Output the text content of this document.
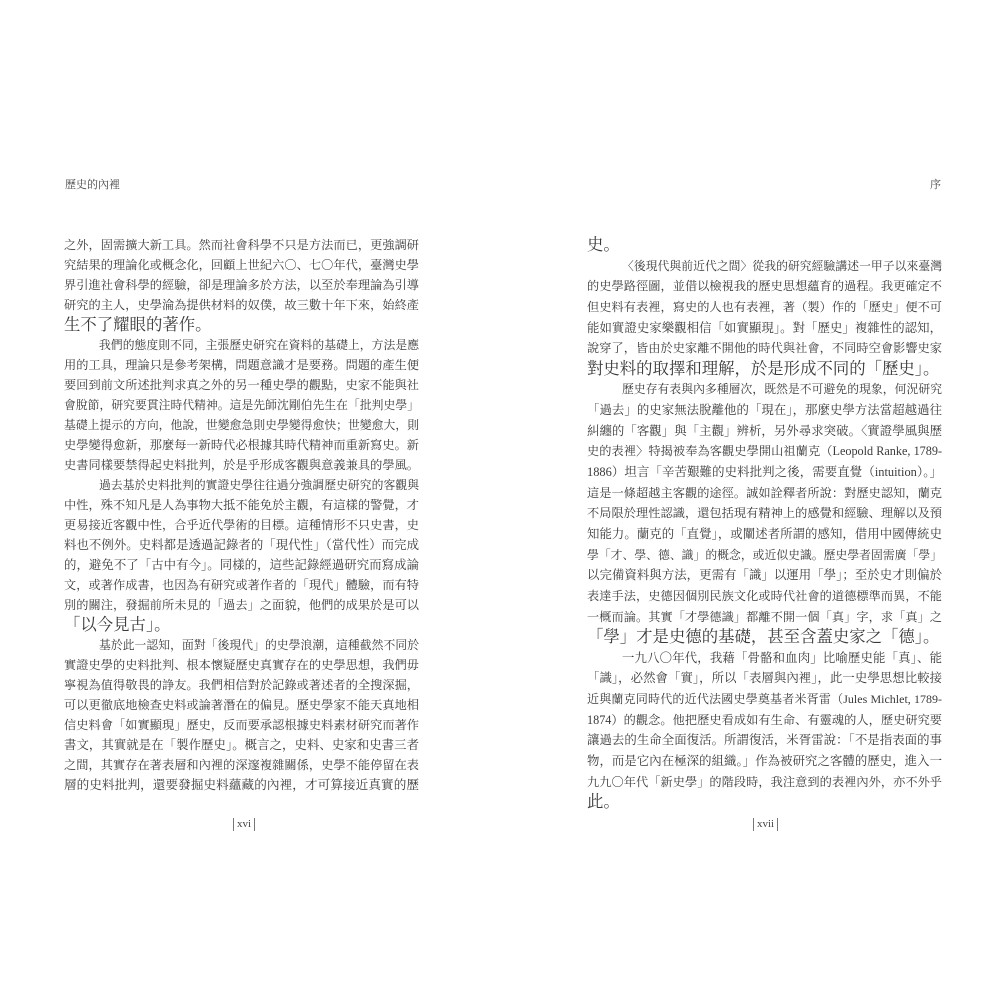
歷史的內裡	序
之外，固需擴大新工具。然而社會科學不只是方法而已，更強調研
究結果的理論化或概念化，回顧上世紀六〇、七〇年代，臺灣史學
界引進社會科學的經驗，卻是理論多於方法，以至於奉理論為引導
研究的主人，史學淪為提供材料的奴僕，故三數十年下來，始終產
生不了耀眼的著作。
我們的態度則不同，主張歷史研究在資料的基礎上，方法是應
用的工具，理論只是參考架構，問題意識才是要務。問題的產生便
要回到前文所述批判求真之外的另一種史學的觀點，史家不能與社
會脫節，研究要貫注時代精神。這是先師沈剛伯先生在「批判史學」
基礎上提示的方向，他說，世變愈急則史學變得愈快；世變愈大，則
史學變得愈新，那麼每一新時代必根據其時代精神而重新寫史。新
史書同樣要禁得起史料批判，於是乎形成客觀與意義兼具的學風。
過去基於史料批判的實證史學往往過分強調歷史研究的客觀與
中性，殊不知凡是人為事物大抵不能免於主觀，有這樣的警覺，才
更易接近客觀中性，合乎近代學術的目標。這種情形不只史書，史
料也不例外。史料都是透過記錄者的「現代性」（當代性）而完成
的，避免不了「古中有今」。同樣的，這些記錄經過研究而寫成論
文，或著作成書，也因為有研究或著作者的「現代」體驗，而有特
別的關注，發掘前所未見的「過去」之面貌，他們的成果於是可以
「以今見古」。
基於此一認知，面對「後現代」的史學浪潮，這種截然不同於
實證史學的史料批判、根本懷疑歷史真實存在的史學思想，我們毋
寧視為值得敬畏的諍友。我們相信對於記錄或著述者的全搜深掘，
可以更徹底地檢查史料或論著潛在的偏見。歷史學家不能天真地相
信史料會「如實顯現」歷史，反而要承認根據史料素材研究而著作
書文，其實就是在「製作歷史」。概言之，史料、史家和史書三者
之間，其實存在著表層和內裡的深邃複雜關係，史學不能停留在表
層的史料批判，還要發掘史料蘊藏的內裡，才可算接近真實的歷
史。
〈後現代與前近代之間〉從我的研究經驗講述一甲子以來臺灣
的史學路徑圖，並借以檢視我的歷史思想蘊育的過程。我更確定不
但史料有表裡，寫史的人也有表裡，著（製）作的「歷史」便不可
能如實證史家樂觀相信「如實顯現」。對「歷史」複雜性的認知，
說穿了，皆由於史家離不開他的時代與社會，不同時空會影響史家
對史料的取擇和理解，於是形成不同的「歷史」。
歷史存有表與內多種層次，既然是不可避免的現象，何況研究
「過去」的史家無法脫離他的「現在」，那麼史學方法當超越過往
糾纏的「客觀」與「主觀」辨析，另外尋求突破。〈實證學風與歷
史的表裡〉特揭被奉為客觀史學開山祖蘭克（Leopold Ranke, 1789-
1886）坦言「辛苦艱難的史料批判之後，需要直覺（intuition）。」
這是一條超越主客觀的途徑。誠如詮釋者所說：對歷史認知，蘭克
不局限於理性認識，還包括現有精神上的感覺和經驗、理解以及預
知能力。蘭克的「直覺」，或闡述者所謂的感知，借用中國傳統史
學「才、學、德、識」的概念，或近似史識。歷史學者固需廣「學」
以完備資料與方法，更需有「識」以運用「學」；至於史才則偏於
表達手法，史德因個別民族文化或時代社會的道德標準而異，不能
一概而論。其實「才學德識」都離不開一個「真」字，求「真」之
「學」才是史德的基礎，甚至含蓋史家之「德」。
一九八〇年代，我藉「骨骼和血肉」比喻歷史能「真」、能
「識」，必然會「實」，所以「表層與內裡」，此一史學思想比較接
近與蘭克同時代的近代法國史學奠基者米胥雷（Jules Michlet, 1789-
1874）的觀念。他把歷史看成如有生命、有靈魂的人，歷史研究要
讓過去的生命全面復活。所謂復活，米胥雷說：「不是指表面的事
物，而是它內在極深的組織。」作為被研究之客體的歷史，進入一
九九〇年代「新史學」的階段時，我注意到的表裡內外，亦不外乎
此。
xvi	xvii
